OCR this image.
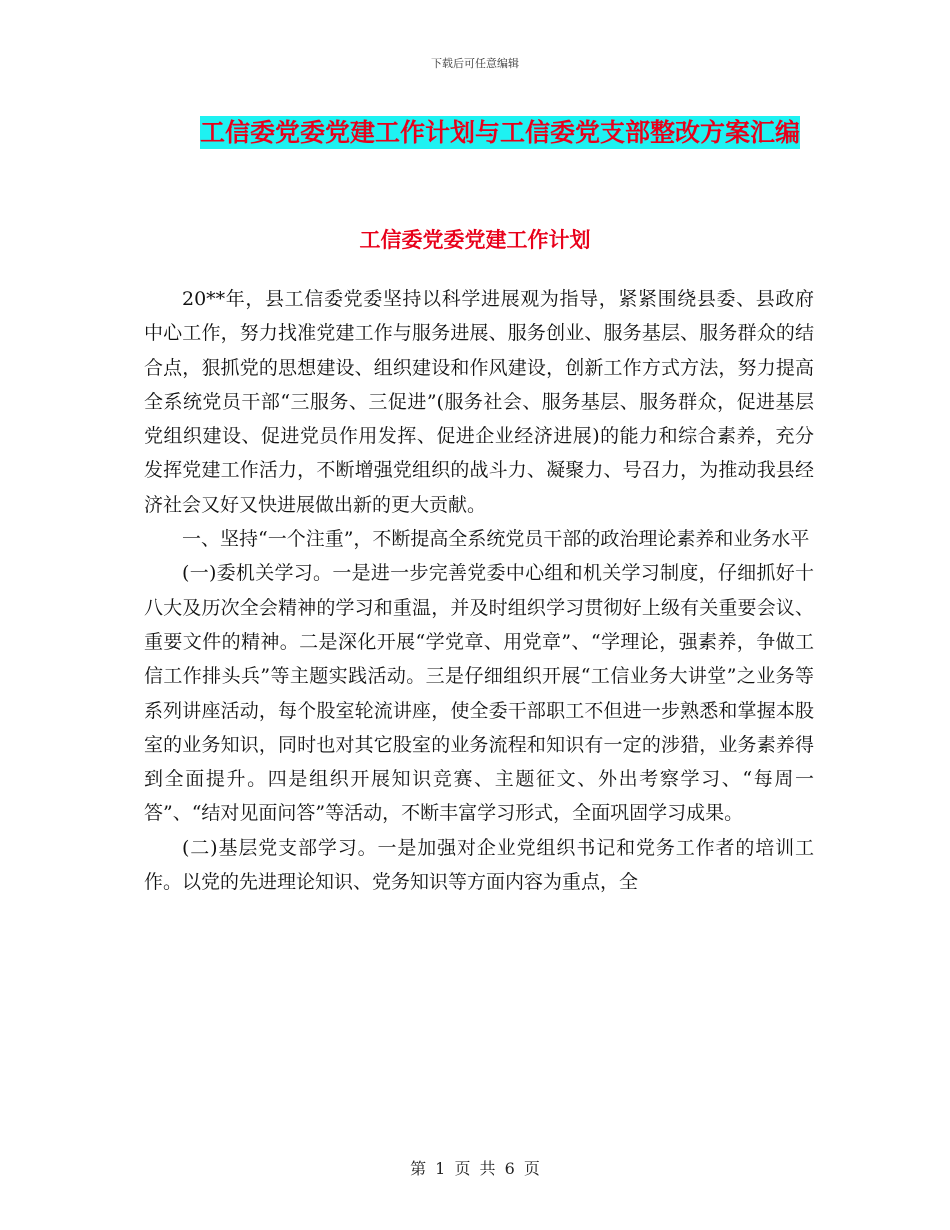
下载后可任意编辑
工信委党委党建工作计划与工信委党支部整改方案汇编
工信委党委党建工作计划

20**年，县工信委党委坚持以科学进展观为指导，紧紧围绕县委、县政府中心工作，努力找准党建工作与服务进展、服务创业、服务基层、服务群众的结合点，狠抓党的思想建设、组织建设和作风建设，创新工作方式方法，努力提高全系统党员干部“三服务、三促进”(服务社会、服务基层、服务群众，促进基层党组织建设、促进党员作用发挥、促进企业经济进展)的能力和综合素养，充分发挥党建工作活力，不断增强党组织的战斗力、凝聚力、号召力，为推动我县经济社会又好又快进展做出新的更大贡献。

一、坚持“一个注重”，不断提高全系统党员干部的政治理论素养和业务水平

(一)委机关学习。一是进一步完善党委中心组和机关学习制度，仔细抓好十八大及历次全会精神的学习和重温，并及时组织学习贯彻好上级有关重要会议、重要文件的精神。二是深化开展“学党章、用党章”、“学理论，强素养，争做工信工作排头兵”等主题实践活动。三是仔细组织开展“工信业务大讲堂”之业务等系列讲座活动，每个股室轮流讲座，使全委干部职工不但进一步熟悉和掌握本股室的业务知识，同时也对其它股室的业务流程和知识有一定的涉猎，业务素养得到全面提升。四是组织开展知识竞赛、主题征文、外出考察学习、“每周一答”、“结对见面问答”等活动，不断丰富学习形式，全面巩固学习成果。

(二)基层党支部学习。一是加强对企业党组织书记和党务工作者的培训工作。以党的先进理论知识、党务知识等方面内容为重点，全

第 1 页 共 6 页
